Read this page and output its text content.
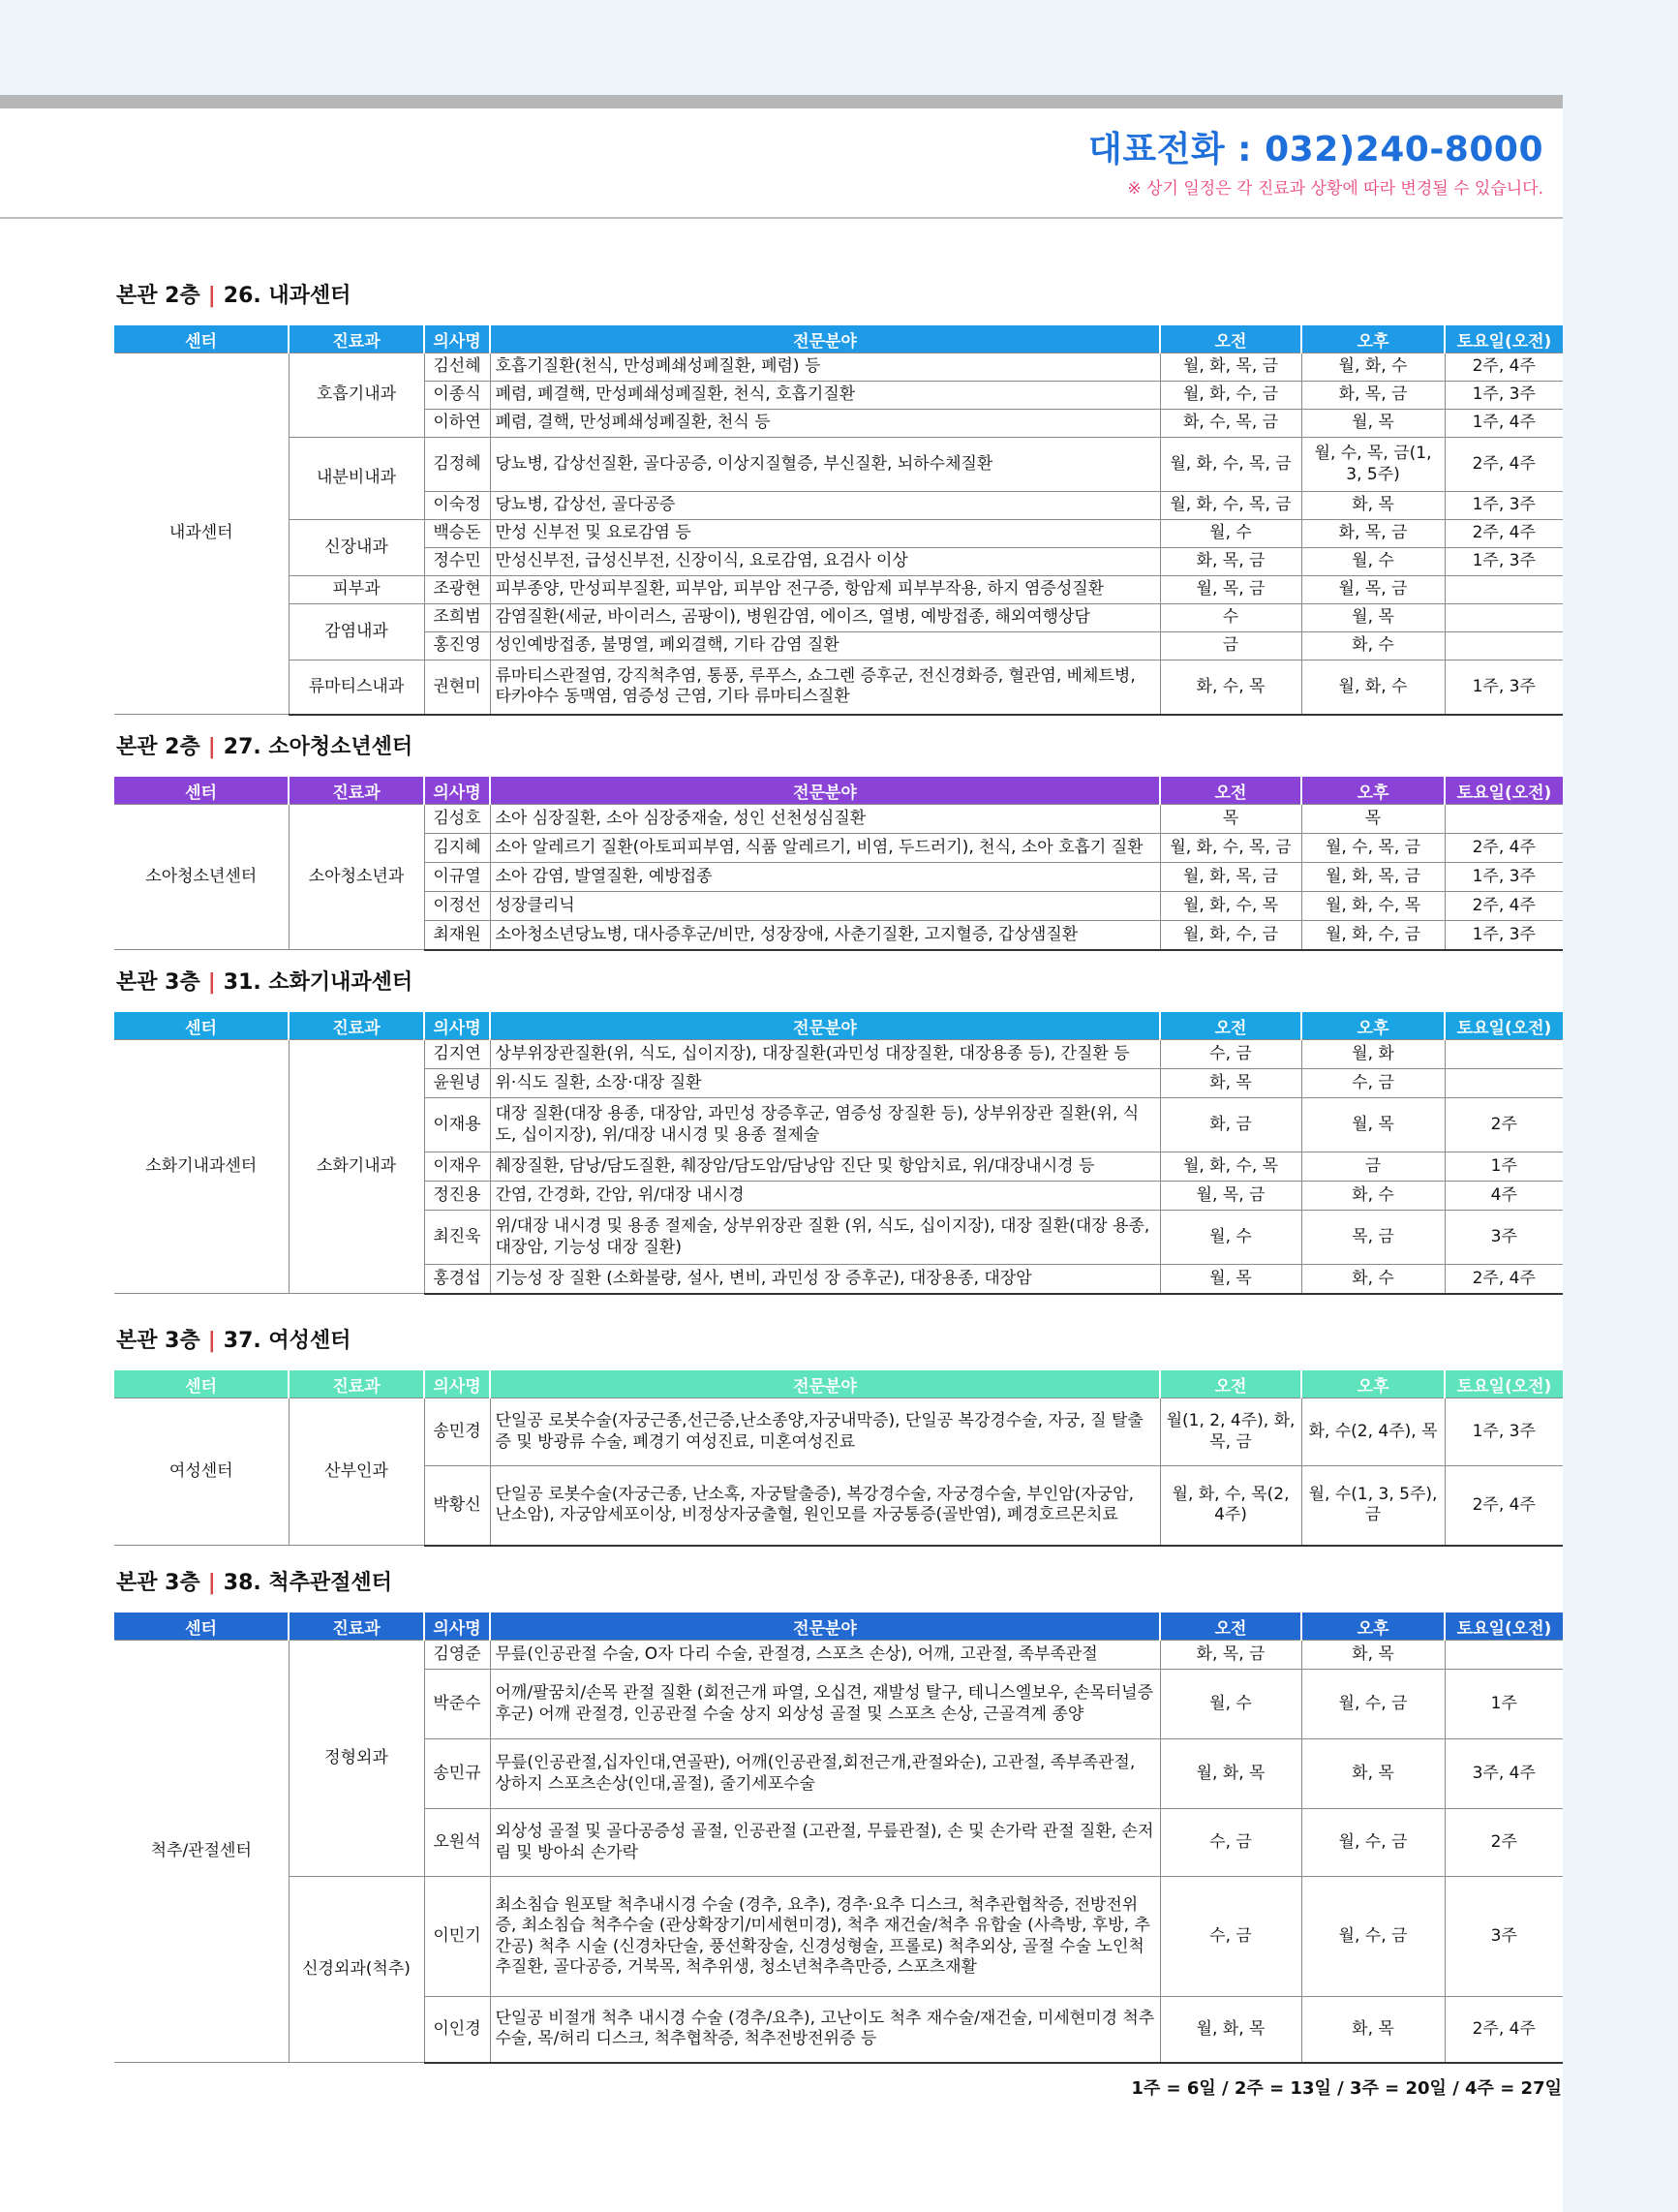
대표전화 : 032)240-8000
※ 상기 일정은 각 진료과 상황에 따라 변경될 수 있습니다.
본관 2층 | 26. 내과센터
센터	진료과	의사명	전문분야	오전	오후	토요일(오전)
내과센터	호흡기내과	김선혜	호흡기질환(천식, 만성폐쇄성폐질환, 폐렴) 등	월, 화, 목, 금	월, 화, 수	2주, 4주
		이종식	폐렴, 폐결핵, 만성폐쇄성폐질환, 천식, 호흡기질환	월, 화, 수, 금	화, 목, 금	1주, 3주
		이하연	폐렴, 결핵, 만성폐쇄성폐질환, 천식 등	화, 수, 목, 금	월, 목	1주, 4주
	내분비내과	김정혜	당뇨병, 갑상선질환, 골다공증, 이상지질혈증, 부신질환, 뇌하수체질환	월, 화, 수, 목, 금	월, 수, 목, 금(1, 3, 5주)	2주, 4주
		이숙정	당뇨병, 갑상선, 골다공증	월, 화, 수, 목, 금	화, 목	1주, 3주
	신장내과	백승돈	만성 신부전 및 요로감염 등	월, 수	화, 목, 금	2주, 4주
		정수민	만성신부전, 급성신부전, 신장이식, 요로감염, 요검사 이상	화, 목, 금	월, 수	1주, 3주
	피부과	조광현	피부종양, 만성피부질환, 피부암, 피부암 전구증, 항암제 피부부작용, 하지 염증성질환	월, 목, 금	월, 목, 금	
	감염내과	조희범	감염질환(세균, 바이러스, 곰팡이), 병원감염, 에이즈, 열병, 예방접종, 해외여행상담	수	월, 목	
		홍진영	성인예방접종, 불명열, 폐외결핵, 기타 감염 질환	금	화, 수	
	류마티스내과	권현미	류마티스관절염, 강직척추염, 통풍, 루푸스, 쇼그렌 증후군, 전신경화증, 혈관염, 베체트병, 타카야수 동맥염, 염증성 근염, 기타 류마티스질환	화, 수, 목	월, 화, 수	1주, 3주
본관 2층 | 27. 소아청소년센터
센터	진료과	의사명	전문분야	오전	오후	토요일(오전)
소아청소년센터	소아청소년과	김성호	소아 심장질환, 소아 심장중재술, 성인 선천성심질환	목	목	
		김지혜	소아 알레르기 질환(아토피피부염, 식품 알레르기, 비염, 두드러기), 천식, 소아 호흡기 질환	월, 화, 수, 목, 금	월, 수, 목, 금	2주, 4주
		이규열	소아 감염, 발열질환, 예방접종	월, 화, 목, 금	월, 화, 목, 금	1주, 3주
		이정선	성장클리닉	월, 화, 수, 목	월, 화, 수, 목	2주, 4주
		최재원	소아청소년당뇨병, 대사증후군/비만, 성장장애, 사춘기질환, 고지혈증, 갑상샘질환	월, 화, 수, 금	월, 화, 수, 금	1주, 3주
본관 3층 | 31. 소화기내과센터
센터	진료과	의사명	전문분야	오전	오후	토요일(오전)
소화기내과센터	소화기내과	김지연	상부위장관질환(위, 식도, 십이지장), 대장질환(과민성 대장질환, 대장용종 등), 간질환 등	수, 금	월, 화	
		윤원녕	위·식도 질환, 소장·대장 질환	화, 목	수, 금	
		이재용	대장 질환(대장 용종, 대장암, 과민성 장증후군, 염증성 장질환 등), 상부위장관 질환(위, 식도, 십이지장), 위/대장 내시경 및 용종 절제술	화, 금	월, 목	2주
		이재우	췌장질환, 담낭/담도질환, 췌장암/담도암/담낭암 진단 및 항암치료, 위/대장내시경 등	월, 화, 수, 목	금	1주
		정진용	간염, 간경화, 간암, 위/대장 내시경	월, 목, 금	화, 수	4주
		최진욱	위/대장 내시경 및 용종 절제술, 상부위장관 질환 (위, 식도, 십이지장), 대장 질환(대장 용종, 대장암, 기능성 대장 질환)	월, 수	목, 금	3주
		홍경섭	기능성 장 질환 (소화불량, 설사, 변비, 과민성 장 증후군), 대장용종, 대장암	월, 목	화, 수	2주, 4주
본관 3층 | 37. 여성센터
센터	진료과	의사명	전문분야	오전	오후	토요일(오전)
여성센터	산부인과	송민경	단일공 로봇수술(자궁근종,선근증,난소종양,자궁내막증), 단일공 복강경수술, 자궁, 질 탈출증 및 방광류 수술, 폐경기 여성진료, 미혼여성진료	월(1, 2, 4주), 화, 목, 금	화, 수(2, 4주), 목	1주, 3주
		박황신	단일공 로봇수술(자궁근종, 난소혹, 자궁탈출증), 복강경수술, 자궁경수술, 부인암(자궁암, 난소암), 자궁암세포이상, 비정상자궁출혈, 원인모를 자궁통증(골반염), 폐경호르몬치료	월, 화, 수, 목(2, 4주)	월, 수(1, 3, 5주), 금	2주, 4주
본관 3층 | 38. 척추관절센터
센터	진료과	의사명	전문분야	오전	오후	토요일(오전)
척추/관절센터	정형외과	김영준	무릎(인공관절 수술, O자 다리 수술, 관절경, 스포츠 손상), 어깨, 고관절, 족부족관절	화, 목, 금	화, 목	
		박준수	어깨/팔꿈치/손목 관절 질환 (회전근개 파열, 오십견, 재발성 탈구, 테니스엘보우, 손목터널증후군) 어깨 관절경, 인공관절 수술 상지 외상성 골절 및 스포츠 손상, 근골격계 종양	월, 수	월, 수, 금	1주
		송민규	무릎(인공관절,십자인대,연골판), 어깨(인공관절,회전근개,관절와순), 고관절, 족부족관절, 상하지 스포츠손상(인대,골절), 줄기세포수술	월, 화, 목	화, 목	3주, 4주
		오원석	외상성 골절 및 골다공증성 골절, 인공관절 (고관절, 무릎관절), 손 및 손가락 관절 질환, 손저림 및 방아쇠 손가락	수, 금	월, 수, 금	2주
	신경외과(척추)	이민기	최소침습 원포탈 척추내시경 수술 (경추, 요추), 경추·요추 디스크, 척추관협착증, 전방전위증, 최소침습 척추수술 (관상확장기/미세현미경), 척추 재건술/척추 유합술 (사측방, 후방, 추간공) 척추 시술 (신경차단술, 풍선확장술, 신경성형술, 프롤로) 척추외상, 골절 수술 노인척추질환, 골다공증, 거북목, 척추위생, 청소년척추측만증, 스포츠재활	수, 금	월, 수, 금	3주
		이인경	단일공 비절개 척추 내시경 수술 (경추/요추), 고난이도 척추 재수술/재건술, 미세현미경 척추수술, 목/허리 디스크, 척추협착증, 척추전방전위증 등	월, 화, 목	화, 목	2주, 4주
1주 = 6일 / 2주 = 13일 / 3주 = 20일 / 4주 = 27일
